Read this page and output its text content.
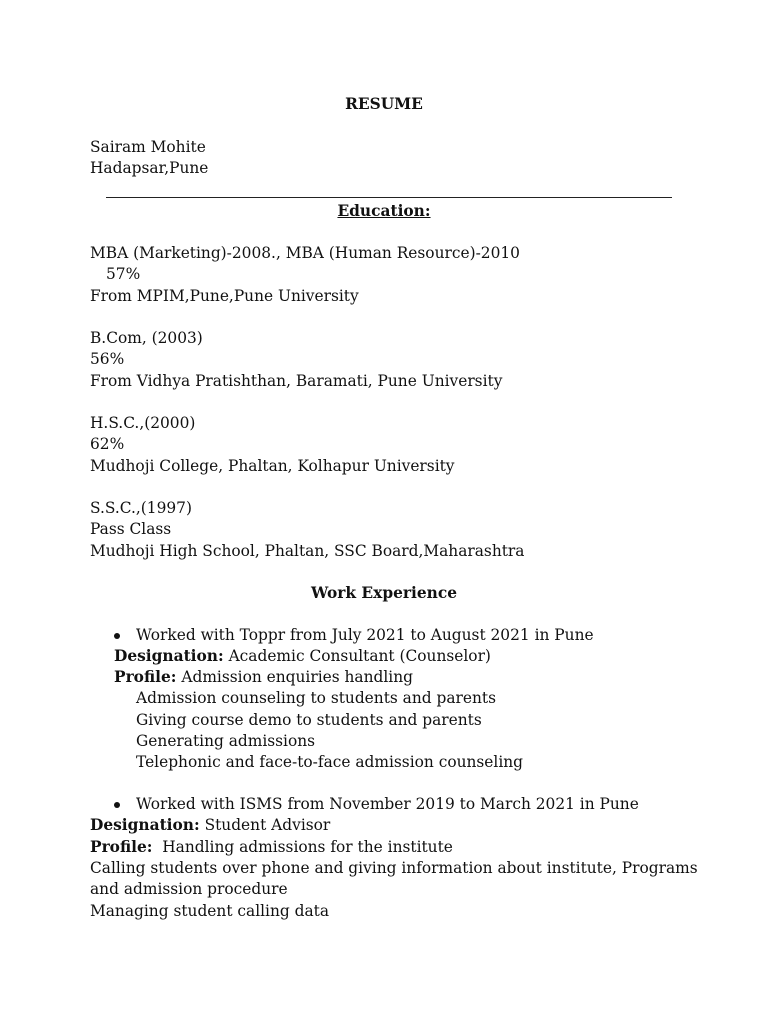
RESUME
Sairam Mohite
Hadapsar,Pune
Education:
MBA (Marketing)-2008., MBA (Human Resource)-2010
57%
From MPIM,Pune,Pune University
B.Com, (2003)
56%
From Vidhya Pratishthan, Baramati, Pune University
H.S.C.,(2000)
62%
Mudhoji College, Phaltan, Kolhapur University
S.S.C.,(1997)
Pass Class
Mudhoji High School, Phaltan, SSC Board,Maharashtra
Work Experience
Worked with Toppr from July 2021 to August 2021 in Pune
Designation: Academic Consultant (Counselor)
Profile: Admission enquiries handling
Admission counseling to students and parents
Giving course demo to students and parents
Generating admissions
Telephonic and face-to-face admission counseling
Worked with ISMS from November 2019 to March 2021 in Pune
Designation: Student Advisor
Profile:  Handling admissions for the institute
Calling students over phone and giving information about institute, Programs
and admission procedure
Managing student calling data
